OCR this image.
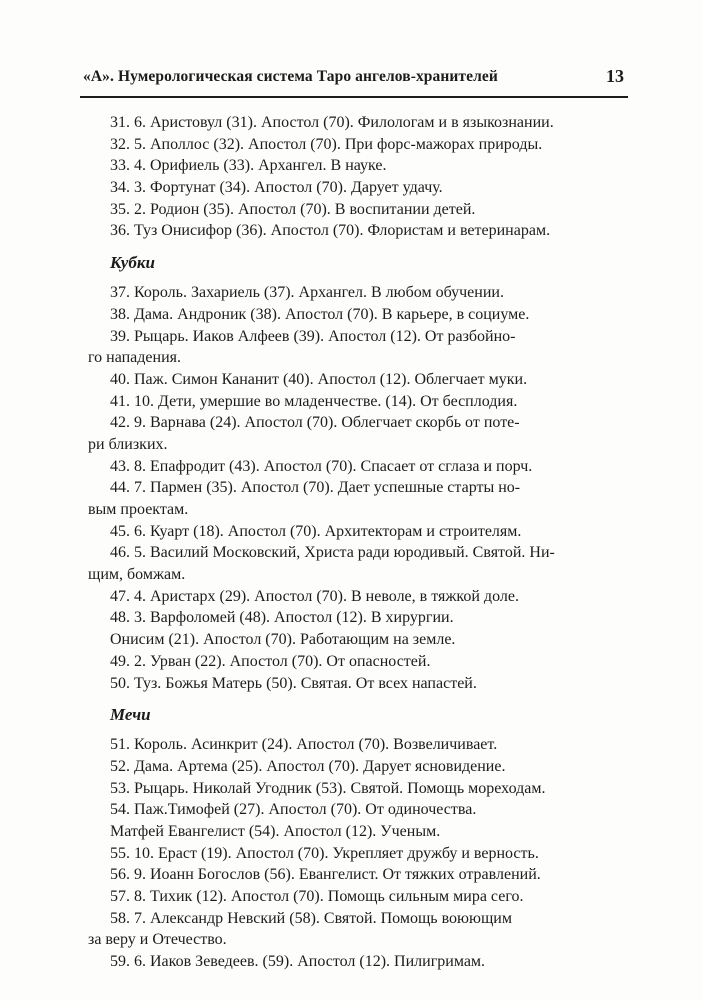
«А». Нумерологическая система Таро ангелов-хранителей	13
31. 6. Аристовул (31). Апостол (70). Филологам и в языкознании.
32. 5. Аполлос (32). Апостол (70). При форс-мажорах природы.
33. 4. Орифиель (33). Архангел. В науке.
34. 3. Фортунат (34). Апостол (70). Дарует удачу.
35. 2. Родион (35). Апостол (70). В воспитании детей.
36. Туз Онисифор (36). Апостол (70). Флористам и ветеринарам.
Кубки
37. Король. Захариель (37). Архангел. В любом обучении.
38. Дама. Андроник (38). Апостол (70). В карьере, в социуме.
39. Рыцарь. Иаков Алфеев (39). Апостол (12). От разбойно-
го нападения.
40. Паж. Симон Кананит (40). Апостол (12). Облегчает муки.
41. 10. Дети, умершие во младенчестве. (14). От бесплодия.
42. 9. Варнава (24). Апостол (70). Облегчает скорбь от поте-
ри близких.
43. 8. Епафродит (43). Апостол (70). Спасает от сглаза и порч.
44. 7. Пармен (35). Апостол (70). Дает успешные старты но-
вым проектам.
45. 6. Куарт (18). Апостол (70). Архитекторам и строителям.
46. 5. Василий Московский, Христа ради юродивый. Святой. Ни-
щим, бомжам.
47. 4. Аристарх (29). Апостол (70). В неволе, в тяжкой доле.
48. 3. Варфоломей (48). Апостол (12). В хирургии.
Онисим (21). Апостол (70). Работающим на земле.
49. 2. Урван (22). Апостол (70). От опасностей.
50. Туз. Божья Матерь (50). Святая. От всех напастей.
Мечи
51. Король. Асинкрит (24). Апостол (70). Возвеличивает.
52. Дама. Артема (25). Апостол (70). Дарует ясновидение.
53. Рыцарь. Николай Угодник (53). Святой. Помощь мореходам.
54. Паж.Тимофей (27). Апостол (70). От одиночества.
Матфей Евангелист (54). Апостол (12). Ученым.
55. 10. Ераст (19). Апостол (70). Укрепляет дружбу и верность.
56. 9. Иоанн Богослов (56). Евангелист. От тяжких отравлений.
57. 8. Тихик (12). Апостол (70). Помощь сильным мира сего.
58. 7. Александр Невский (58). Святой. Помощь воюющим
за веру и Отечество.
59. 6. Иаков Зеведеев. (59). Апостол (12). Пилигримам.
